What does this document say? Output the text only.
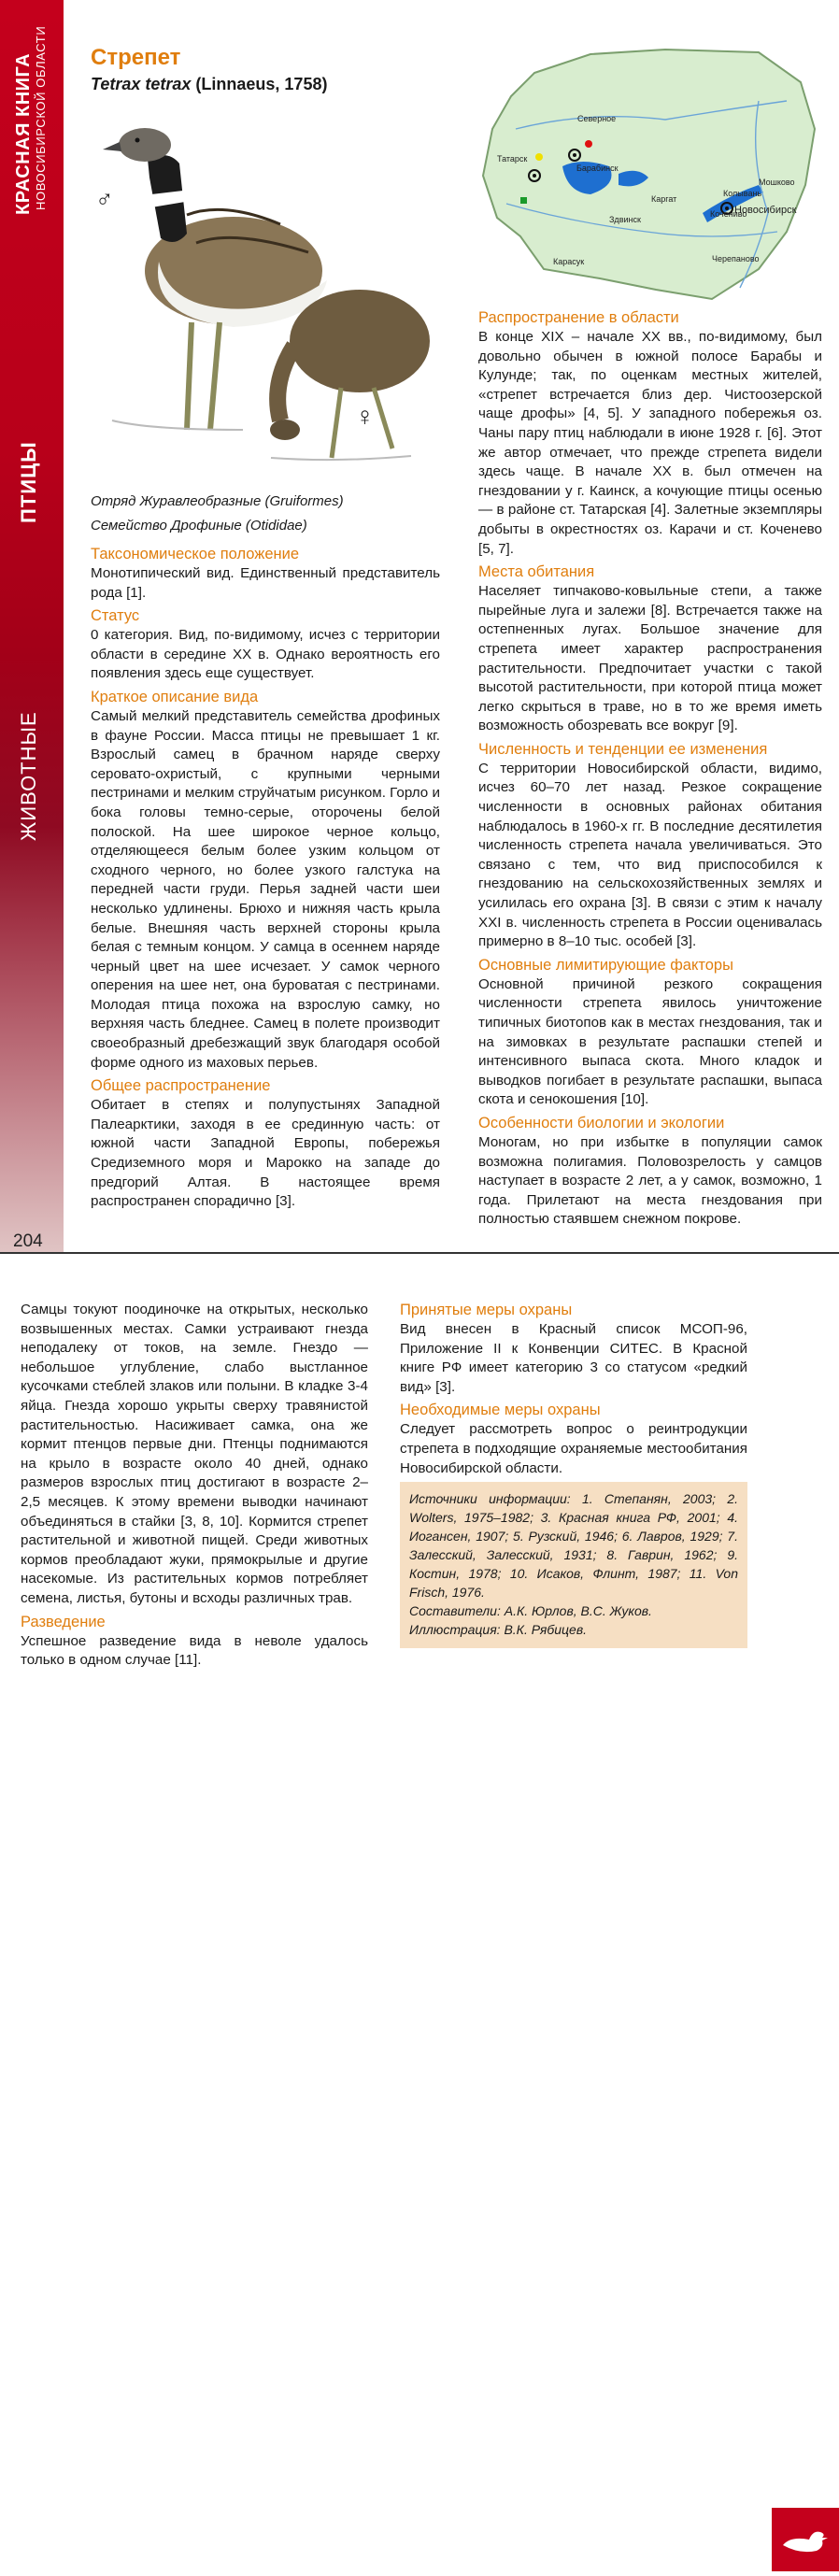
КРАСНАЯ КНИГА НОВОСИБИРСКОЙ ОБЛАСТИ
ПТИЦЫ
ЖИВОТНЫЕ
204
Стрепет
Tetrax tetrax (Linnaeus, 1758)
♂
♀
Отряд Журавлеобразные (Gruiformes)
Семейство Дрофиные (Otididae)
Северное
Татарск
Барабинск
Каргат
Здвинск
Колывань
Мошково
Новосибирск
Кочениво
Карасук	Черепаново
Таксономическое положение

Монотипический вид. Единственный представитель рода [1].

Статус

0 категория. Вид, по-видимому, исчез с территории области в середине XX в. Однако вероятность его появления здесь еще существует.

Краткое описание вида

Самый мелкий представитель семейства дрофиных в фауне России. Масса птицы не превышает 1 кг. Взрослый самец в брачном наряде сверху серовато-охристый, с крупными черными пестринами и мелким струйчатым рисунком. Горло и бока головы темно-серые, оторочены белой полоской. На шее широкое черное кольцо, отделяющееся белым более узким кольцом от сходного черного, но более узкого галстука на передней части груди. Перья задней части шеи несколько удлинены. Брюхо и нижняя часть крыла белые. Внешняя часть верхней стороны крыла белая с темным концом. У самца в осеннем наряде черный цвет на шее исчезает. У самок черного оперения на шее нет, она буроватая с пестринами. Молодая птица похожа на взрослую самку, но верхняя часть бледнее. Самец в полете производит своеобразный дребезжащий звук благодаря особой форме одного из маховых перьев.

Общее распространение

Обитает в степях и полупустынях Западной Палеарктики, заходя в ее срединную часть: от южной части Западной Европы, побережья Средиземного моря и Марокко на западе до предгорий Алтая. В настоящее время распространен спорадично [3].

Распространение в области

В конце XIX – начале XX вв., по-видимому, был довольно обычен в южной полосе Барабы и Кулунде; так, по оценкам местных жителей, «стрепет встречается близ дер. Чистоозерской чаще дрофы» [4, 5]. У западного побережья оз. Чаны пару птиц наблюдали в июне 1928 г. [6]. Этот же автор отмечает, что прежде стрепета видели здесь чаще. В начале XX в. был отмечен на гнездовании у г. Каинск, а кочующие птицы осенью — в районе ст. Татарская [4]. Залетные экземпляры добыты в окрестностях оз. Карачи и ст. Коченево [5, 7].

Места обитания

Населяет типчаково-ковыльные степи, а также пырейные луга и залежи [8]. Встречается также на остепненных лугах. Большое значение для стрепета имеет характер распространения растительности. Предпочитает участки с такой высотой растительности, при которой птица может легко скрыться в траве, но в то же время иметь возможность обозревать все вокруг [9].

Численность и тенденции ее изменения

С территории Новосибирской области, видимо, исчез 60–70 лет назад. Резкое сокращение численности в основных районах обитания наблюдалось в 1960-х гг. В последние десятилетия численность стрепета начала увеличиваться. Это связано с тем, что вид приспособился к гнездованию на сельскохозяйственных землях и усилилась его охрана [3]. В связи с этим к началу XXI в. численность стрепета в России оценивалась примерно в 8–10 тыс. особей [3].

Основные лимитирующие факторы

Основной причиной резкого сокращения численности стрепета явилось уничтожение типичных биотопов как в местах гнездования, так и на зимовках в результате распашки степей и интенсивного выпаса скота. Много кладок и выводков погибает в результате распашки, выпаса скота и сенокошения [10].

Особенности биологии и экологии

Моногам, но при избытке в популяции самок возможна полигамия. Половозрелость у самцов наступает в возрасте 2 лет, а у самок, возможно, 1 года. Прилетают на места гнездования при полностью стаявшем снежном покрове.

Самцы токуют поодиночке на открытых, несколько возвышенных местах. Самки устраивают гнезда неподалеку от токов, на земле. Гнездо — небольшое углубление, слабо выстланное кусочками стеблей злаков или полыни. В кладке 3-4 яйца. Гнезда хорошо укрыты сверху травянистой растительностью. Насиживает самка, она же кормит птенцов первые дни. Птенцы поднимаются на крыло в возрасте около 40 дней, однако размеров взрослых птиц достигают в возрасте 2–2,5 месяцев. К этому времени выводки начинают объединяться в стайки [3, 8, 10]. Кормится стрепет растительной и животной пищей. Среди животных кормов преобладают жуки, прямокрылые и другие насекомые. Из растительных кормов потребляет семена, листья, бутоны и всходы различных трав.

Разведение

Успешное разведение вида в неволе удалось только в одном случае [11].

Принятые меры охраны

Вид внесен в Красный список МСОП-96, Приложение II к Конвенции СИТЕС. В Красной книге РФ имеет категорию 3 со статусом «редкий вид» [3].

Необходимые меры охраны

Следует рассмотреть вопрос о реинтродукции стрепета в подходящие охраняемые местообитания Новосибирской области.

Источники информации: 1. Степанян, 2003; 2. Wolters, 1975–1982; 3. Красная книга РФ, 2001; 4. Иогансен, 1907; 5. Рузский, 1946; 6. Лавров, 1929; 7. Залесский, Залесский, 1931; 8. Гаврин, 1962; 9. Костин, 1978; 10. Исаков, Флинт, 1987; 11. Von Frisch, 1976.

Составители: А.К. Юрлов, В.С. Жуков.

Иллюстрация: В.К. Рябицев.
